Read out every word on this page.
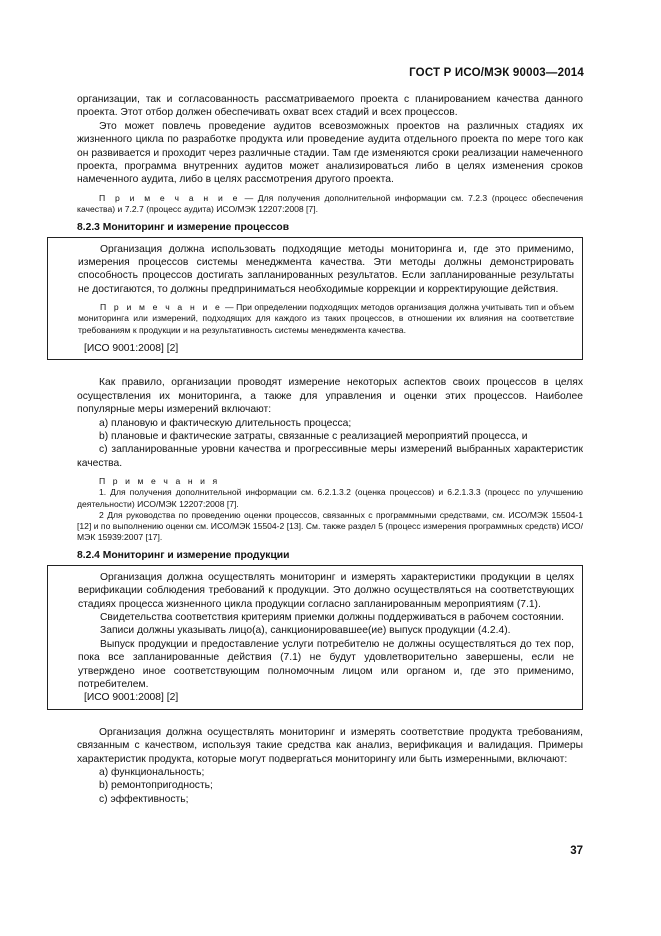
ГОСТ Р ИСО/МЭК 90003—2014

организации, так и согласованность рассматриваемого проекта с планированием качества данного проекта. Этот отбор должен обеспечивать охват всех стадий и всех процессов.

Это может повлечь проведение аудитов всевозможных проектов на различных стадиях их жизненного цикла по разработке продукта или проведение аудита отдельного проекта по мере того как он развивается и проходит через различные стадии. Там где изменяются сроки реализации намеченного проекта, программа внутренних аудитов может анализироваться либо в целях изменения сроков намеченного аудита, либо в целях рассмотрения другого проекта.

П р и м е ч а н и е — Для получения дополнительной информации см. 7.2.3 (процесс обеспечения качества) и 7.2.7 (процесс аудита) ИСО/МЭК 12207:2008 [7].

8.2.3 Мониторинг и измерение процессов

Организация должна использовать подходящие методы мониторинга и, где это применимо, измерения процессов системы менеджмента качества. Эти методы должны демонстрировать способность процессов достигать запланированных результатов. Если запланированные результаты не достигаются, то должны предприниматься необходимые коррекции и корректирующие действия.

П р и м е ч а н и е — При определении подходящих методов организация должна учитывать тип и объем мониторинга или измерений, подходящих для каждого из таких процессов, в отношении их влияния на соответствие требованиям к продукции и на результативность системы менеджмента качества.

[ИСО 9001:2008] [2]

Как правило, организации проводят измерение некоторых аспектов своих процессов в целях осуществления их мониторинга, а также для управления и оценки этих процессов. Наиболее популярные меры измерений включают:

a) плановую и фактическую длительность процесса;

b) плановые и фактические затраты, связанные с реализацией мероприятий процесса, и

c) запланированные уровни качества и прогрессивные меры измерений выбранных характеристик качества.

П р и м е ч а н и я

1. Для получения дополнительной информации см. 6.2.1.3.2 (оценка процессов) и 6.2.1.3.3 (процесс по улучшению деятельности) ИСО/МЭК 12207:2008 [7].

2 Для руководства по проведению оценки процессов, связанных с программными средствами, см. ИСО/МЭК 15504-1 [12] и по выполнению оценки см. ИСО/МЭК 15504-2 [13]. См. также раздел 5 (процесс измерения программных средств) ИСО/МЭК 15939:2007 [17].

8.2.4 Мониторинг и измерение продукции

Организация должна осуществлять мониторинг и измерять характеристики продукции в целях верификации соблюдения требований к продукции. Это должно осуществляться на соответствующих стадиях процесса жизненного цикла продукции согласно запланированным мероприятиям (7.1).

Свидетельства соответствия критериям приемки должны поддерживаться в рабочем состоянии.

Записи должны указывать лицо(а), санкционировавшее(ие) выпуск продукции (4.2.4).

Выпуск продукции и предоставление услуги потребителю не должны осуществляться до тех пор, пока все запланированные действия (7.1) не будут удовлетворительно завершены, если не утверждено иное соответствующим полномочным лицом или органом и, где это применимо, потребителем.

[ИСО 9001:2008] [2]

Организация должна осуществлять мониторинг и измерять соответствие продукта требованиям, связанным с качеством, используя такие средства как анализ, верификация и валидация. Примеры характеристик продукта, которые могут подвергаться мониторингу или быть измеренными, включают:

a) функциональность;

b) ремонтопригодность;

c) эффективность;

37
